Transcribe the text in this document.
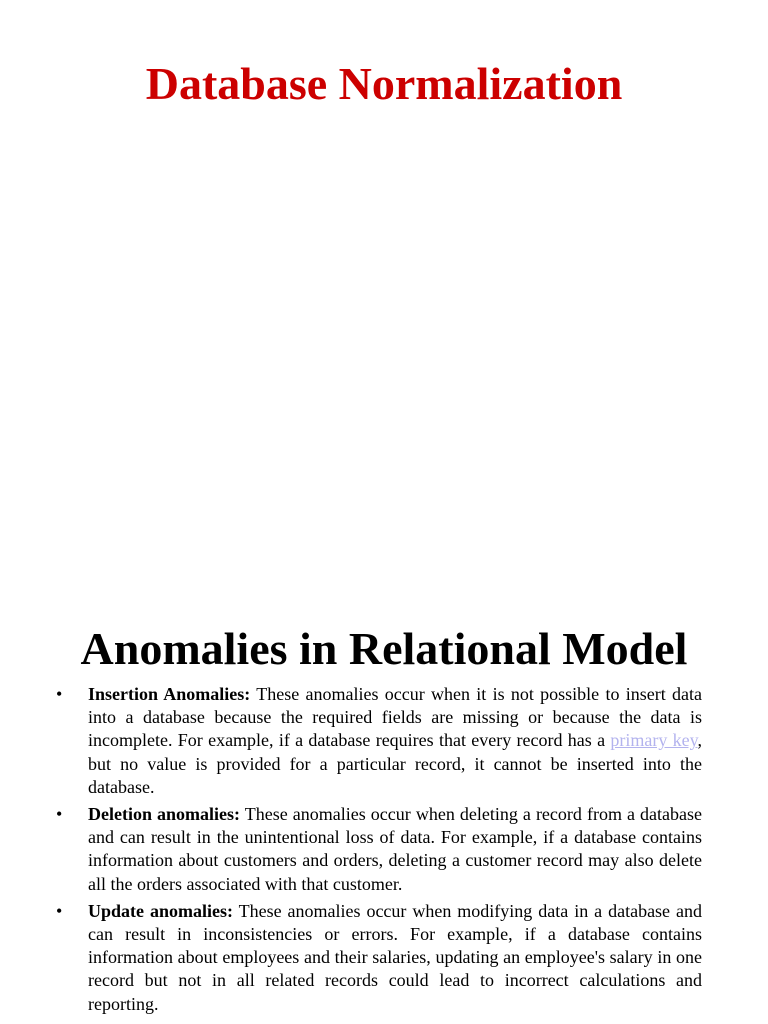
Database Normalization
Anomalies in Relational Model
•	Insertion Anomalies: These anomalies occur when it is not possible to insert data into a database because the required fields are missing or because the data is incomplete. For example, if a database requires that every record has a primary key, but no value is provided for a particular record, it cannot be inserted into the database.
•	Deletion anomalies: These anomalies occur when deleting a record from a database and can result in the unintentional loss of data. For example, if a database contains information about customers and orders, deleting a customer record may also delete all the orders associated with that customer.
•	Update anomalies: These anomalies occur when modifying data in a database and can result in inconsistencies or errors. For example, if a database contains information about employees and their salaries, updating an employee's salary in one record but not in all related records could lead to incorrect calculations and reporting.
